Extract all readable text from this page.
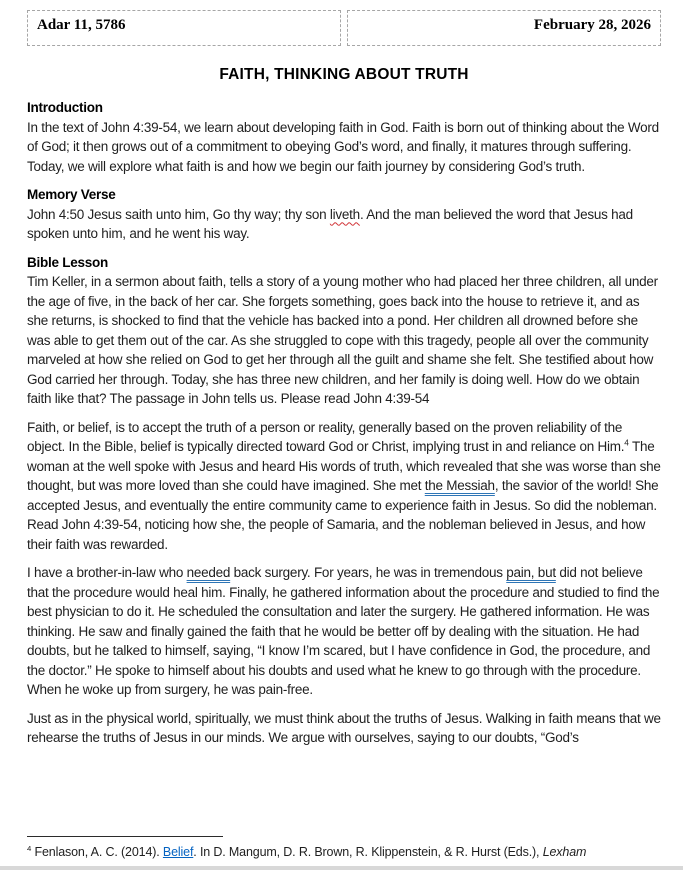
Adar 11, 5786	February 28, 2026
FAITH, THINKING ABOUT TRUTH
Introduction
In the text of John 4:39-54, we learn about developing faith in God. Faith is born out of thinking about the Word of God; it then grows out of a commitment to obeying God’s word, and finally, it matures through suffering. Today, we will explore what faith is and how we begin our faith journey by considering God’s truth.
Memory Verse
John 4:50 Jesus saith unto him, Go thy way; thy son liveth. And the man believed the word that Jesus had spoken unto him, and he went his way.
Bible Lesson
Tim Keller, in a sermon about faith, tells a story of a young mother who had placed her three children, all under the age of five, in the back of her car. She forgets something, goes back into the house to retrieve it, and as she returns, is shocked to find that the vehicle has backed into a pond. Her children all drowned before she was able to get them out of the car. As she struggled to cope with this tragedy, people all over the community marveled at how she relied on God to get her through all the guilt and shame she felt. She testified about how God carried her through. Today, she has three new children, and her family is doing well. How do we obtain faith like that? The passage in John tells us. Please read John 4:39-54
Faith, or belief, is to accept the truth of a person or reality, generally based on the proven reliability of the object. In the Bible, belief is typically directed toward God or Christ, implying trust in and reliance on Him.$^4$ The woman at the well spoke with Jesus and heard His words of truth, which revealed that she was worse than she thought, but was more loved than she could have imagined. She met the Messiah, the savior of the world! She accepted Jesus, and eventually the entire community came to experience faith in Jesus. So did the nobleman. Read John 4:39-54, noticing how she, the people of Samaria, and the nobleman believed in Jesus, and how their faith was rewarded.
I have a brother-in-law who needed back surgery. For years, he was in tremendous pain, but did not believe that the procedure would heal him. Finally, he gathered information about the procedure and studied to find the best physician to do it. He scheduled the consultation and later the surgery. He gathered information. He was thinking. He saw and finally gained the faith that he would be better off by dealing with the situation. He had doubts, but he talked to himself, saying, “I know I’m scared, but I have confidence in God, the procedure, and the doctor.” He spoke to himself about his doubts and used what he knew to go through with the procedure. When he woke up from surgery, he was pain-free.
Just as in the physical world, spiritually, we must think about the truths of Jesus. Walking in faith means that we rehearse the truths of Jesus in our minds. We argue with ourselves, saying to our doubts, “God’s
$^4$ Fenlason, A. C. (2014). Belief. In D. Mangum, D. R. Brown, R. Klippenstein, & R. Hurst (Eds.), Lexham
